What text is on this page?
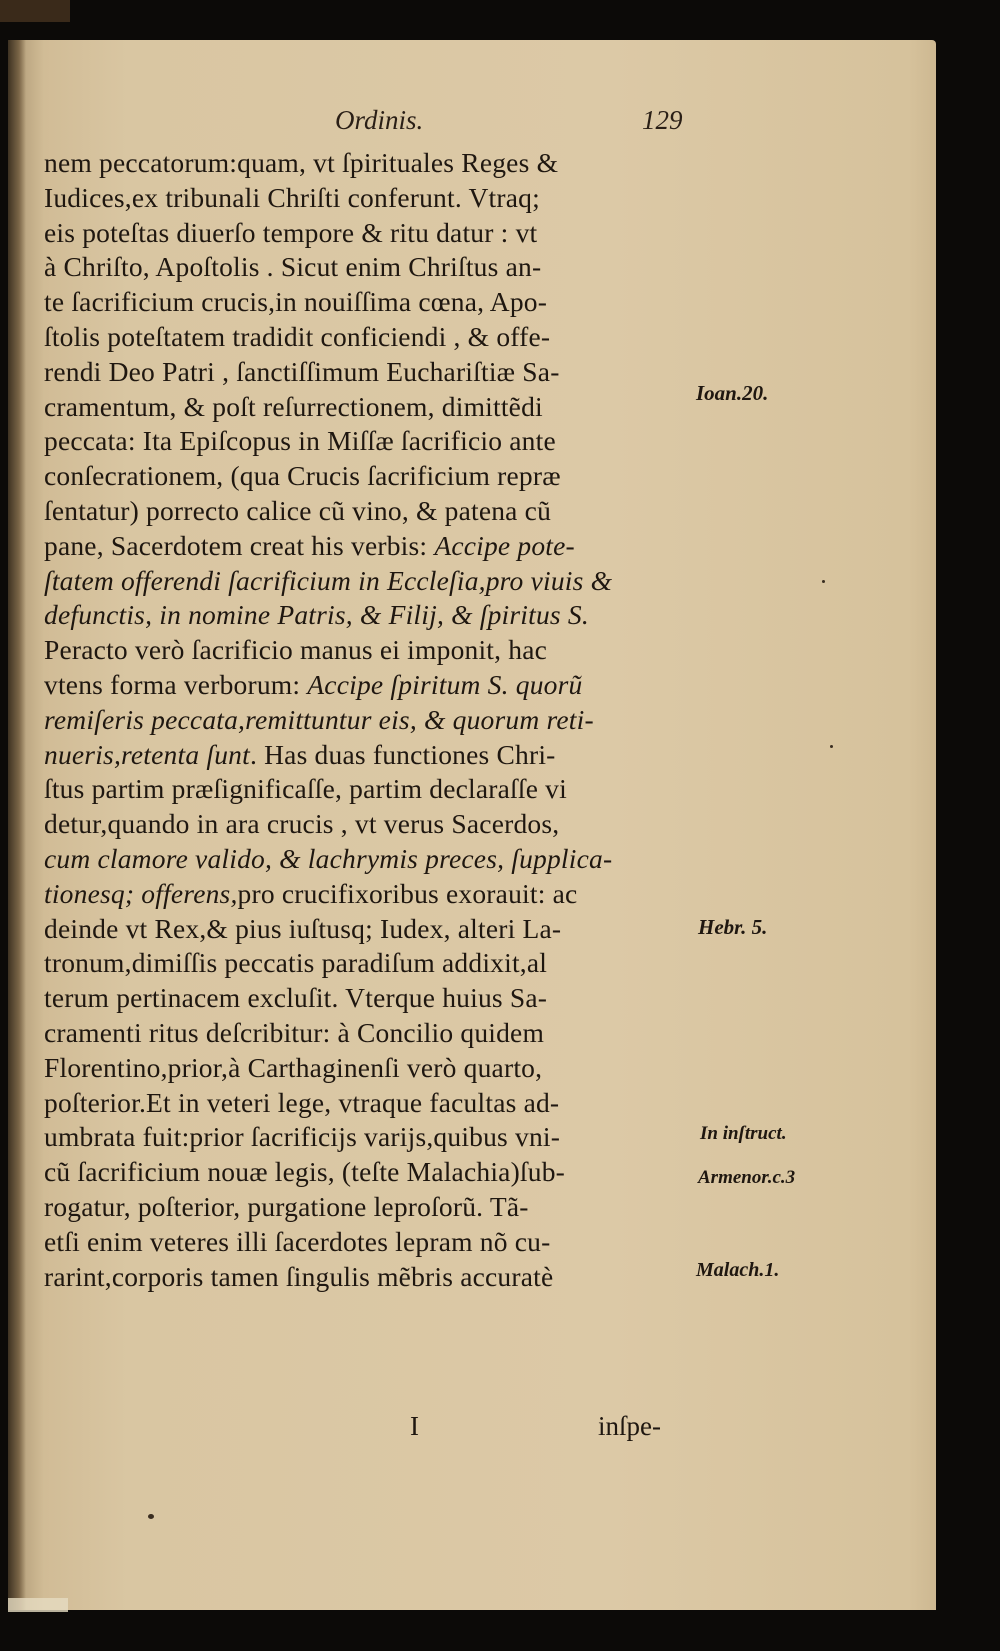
Ordinis.	129
nem peccatorum:quam, vt ſpirituales Reges &
Iudices,ex tribunali Chriſti conferunt. Vtraq;
eis poteſtas diuerſo tempore & ritu datur : vt
à Chriſto, Apoſtolis . Sicut enim Chriſtus an-
te ſacrificium crucis,in nouiſſima cœna, Apo-
ſtolis poteſtatem tradidit conficiendi , & offe-
rendi Deo Patri , ſanctiſſimum Euchariſtiæ Sa-
cramentum, & poſt reſurrectionem, dimittẽdi
peccata: Ita Epiſcopus in Miſſæ ſacrificio ante
conſecrationem, (qua Crucis ſacrificium repræ
ſentatur) porrecto calice cũ vino, & patena cũ
pane, Sacerdotem creat his verbis: Accipe pote-
ſtatem offerendi ſacrificium in Eccleſia,pro viuis &
defunctis, in nomine Patris, & Filij, & ſpiritus S.
Peracto verò ſacrificio manus ei imponit, hac
vtens forma verborum: Accipe ſpiritum S. quorũ
remiſeris peccata,remittuntur eis, & quorum reti-
nueris,retenta ſunt. Has duas functiones Chri-
ſtus partim præſignificaſſe, partim declaraſſe vi
detur,quando in ara crucis , vt verus Sacerdos,
cum clamore valido, & lachrymis preces, ſupplica-
tionesq; offerens,pro crucifixoribus exorauit: ac
deinde vt Rex,& pius iuſtusq; Iudex, alteri La-
tronum,dimiſſis peccatis paradiſum addixit,al
terum pertinacem excluſit. Vterque huius Sa-
cramenti ritus deſcribitur: à Concilio quidem
Florentino,prior,à Carthaginenſi verò quarto,
poſterior.Et in veteri lege, vtraque facultas ad-
umbrata fuit:prior ſacrificijs varijs,quibus vni-
cũ ſacrificium nouæ legis, (teſte Malachia)ſub-
rogatur, poſterior, purgatione leproſorũ. Tã-
etſi enim veteres illi ſacerdotes lepram nõ cu-
rarint,corporis tamen ſingulis mẽbris accuratè
Ioan.20.
Hebr. 5.
In inſtruct.
Armenor.c.3
Malach.1.
I	inſpe-
